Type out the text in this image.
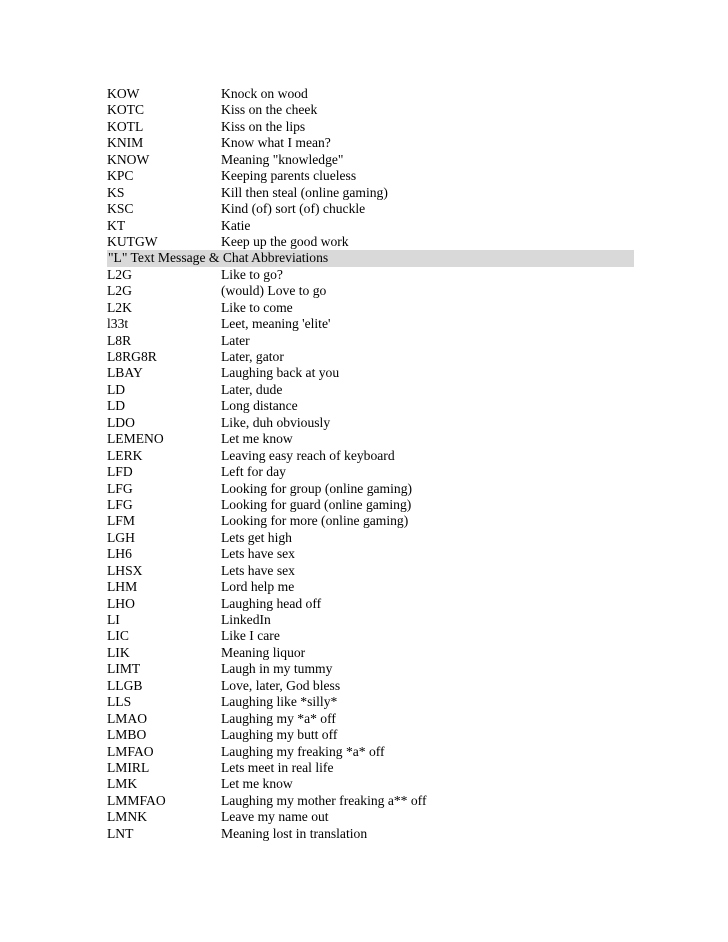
KOW	Knock on wood
KOTC	Kiss on the cheek
KOTL	Kiss on the lips
KNIM	Know what I mean?
KNOW	Meaning "knowledge"
KPC	Keeping parents clueless
KS	Kill then steal (online gaming)
KSC	Kind (of) sort (of) chuckle
KT	Katie
KUTGW	Keep up the good work
"L" Text Message & Chat Abbreviations
L2G	Like to go?
L2G	(would) Love to go
L2K	Like to come
l33t	Leet, meaning 'elite'
L8R	Later
L8RG8R	Later, gator
LBAY	Laughing back at you
LD	Later, dude
LD	Long distance
LDO	Like, duh obviously
LEMENO	Let me know
LERK	Leaving easy reach of keyboard
LFD	Left for day
LFG	Looking for group (online gaming)
LFG	Looking for guard (online gaming)
LFM	Looking for more (online gaming)
LGH	Lets get high
LH6	Lets have sex
LHSX	Lets have sex
LHM	Lord help me
LHO	Laughing head off
LI	LinkedIn
LIC	Like I care
LIK	Meaning liquor
LIMT	Laugh in my tummy
LLGB	Love, later, God bless
LLS	Laughing like *silly*
LMAO	Laughing my *a* off
LMBO	Laughing my butt off
LMFAO	Laughing my freaking *a* off
LMIRL	Lets meet in real life
LMK	Let me know
LMMFAO	Laughing my mother freaking a** off
LMNK	Leave my name out
LNT	Meaning lost in translation
